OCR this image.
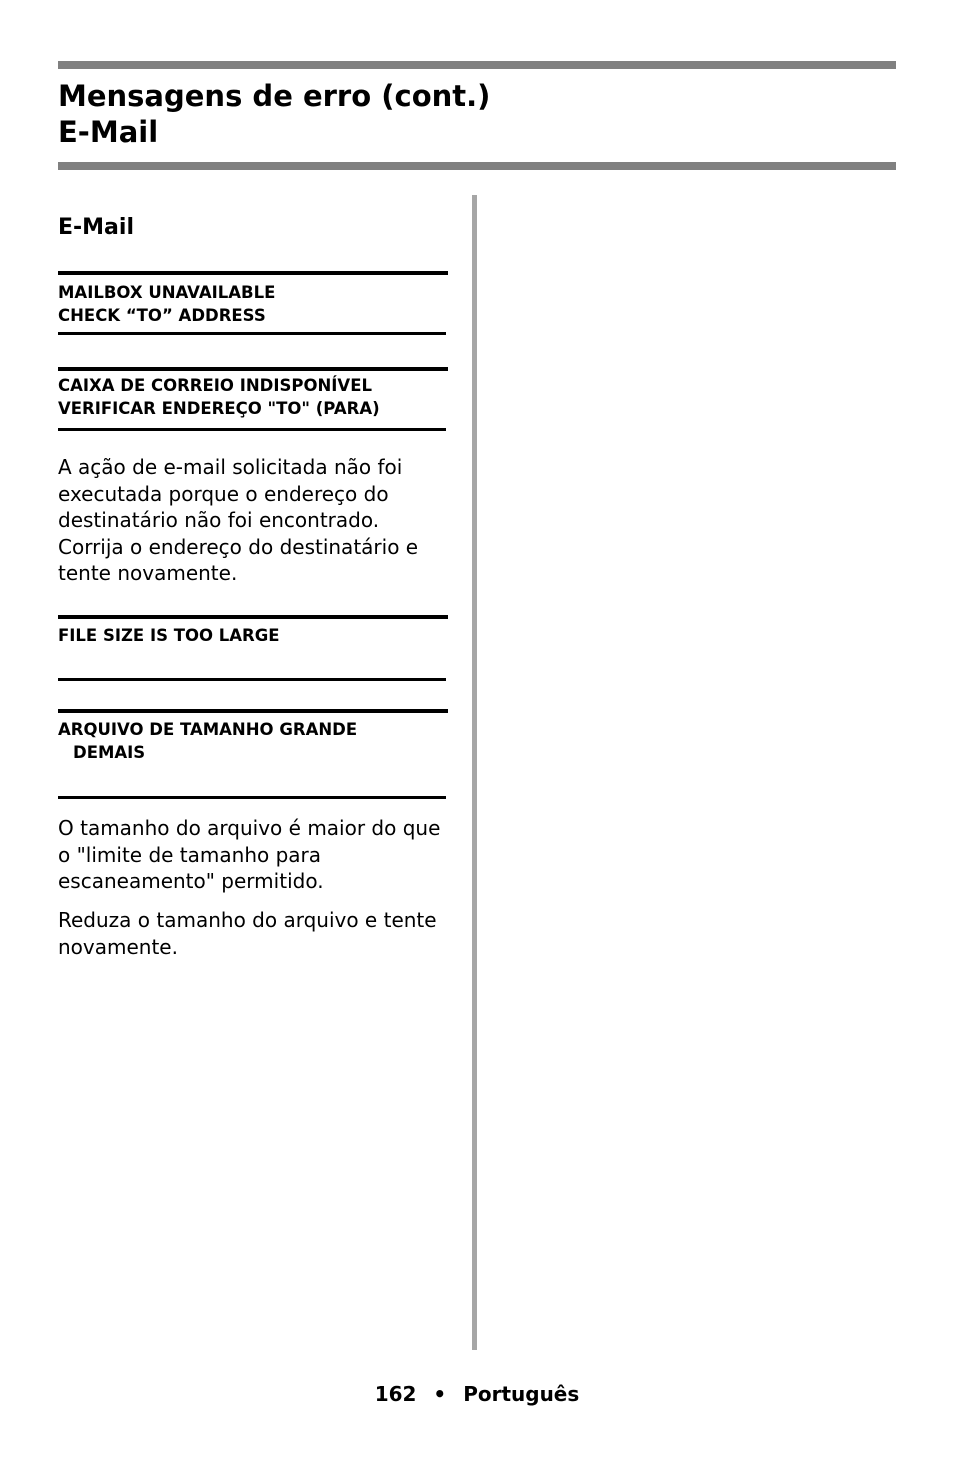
Mensagens de erro (cont.)
E-Mail
E-Mail
MAILBOX UNAVAILABLE
CHECK “TO” ADDRESS
CAIXA DE CORREIO INDISPONÍVEL
VERIFICAR ENDEREÇO "TO" (PARA)

A ação de e-mail solicitada não foi executada porque o endereço do destinatário não foi encontrado. Corrija o endereço do destinatário e tente novamente.

FILE SIZE IS TOO LARGE
ARQUIVO DE TAMANHO GRANDE
DEMAIS

O tamanho do arquivo é maior do que o "limite de tamanho para escaneamento" permitido.

Reduza o tamanho do arquivo e tente novamente.

162 • Português
